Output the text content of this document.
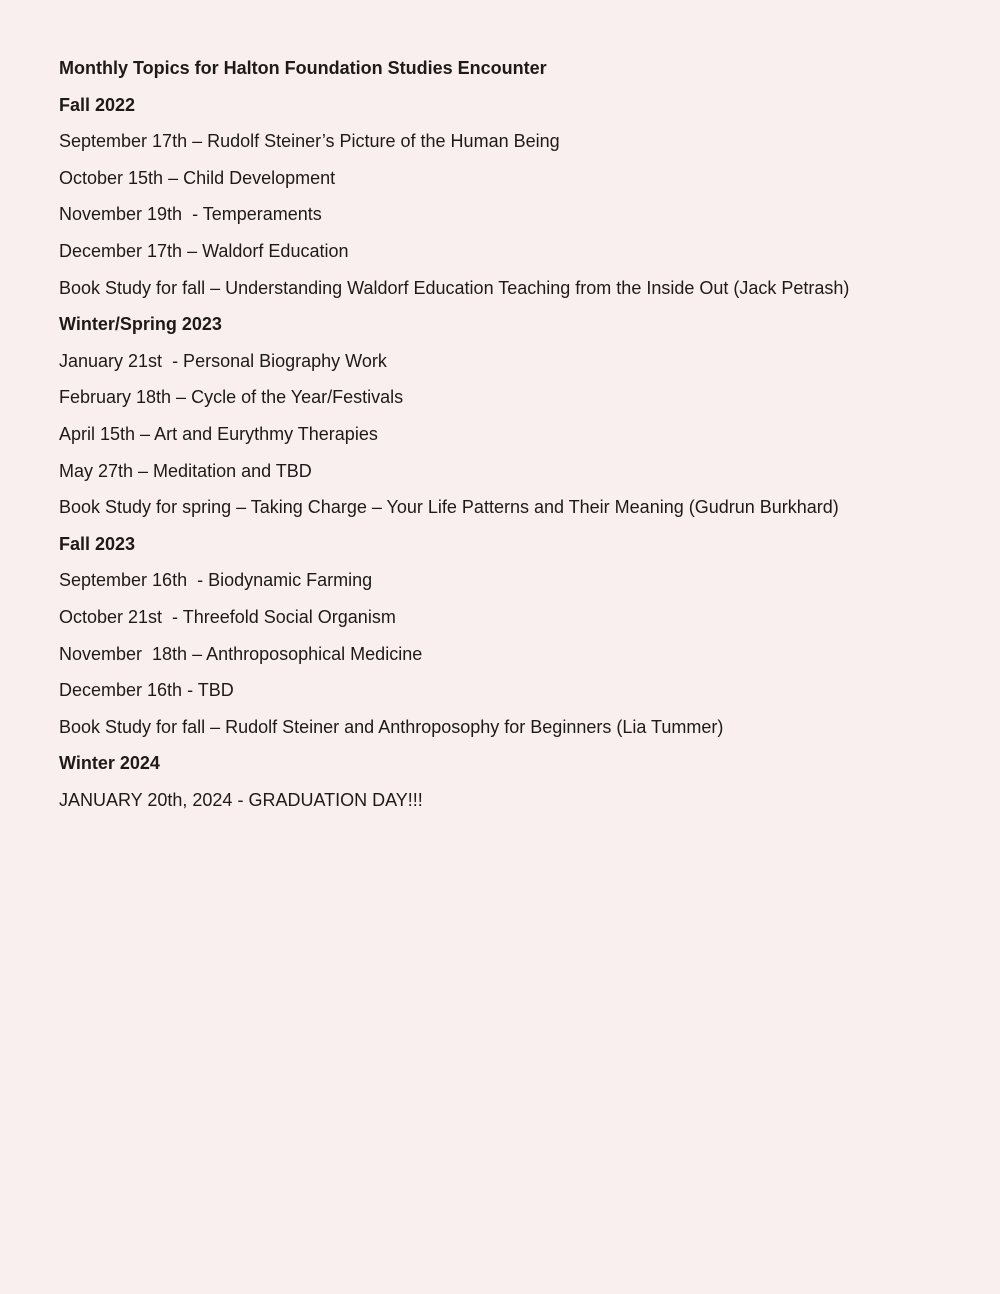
Monthly Topics for Halton Foundation Studies Encounter
Fall 2022
September 17th – Rudolf Steiner’s Picture of the Human Being
October 15th – Child Development
November 19th  - Temperaments
December 17th – Waldorf Education
Book Study for fall – Understanding Waldorf Education Teaching from the Inside Out (Jack Petrash)
Winter/Spring 2023
January 21st  - Personal Biography Work
February 18th – Cycle of the Year/Festivals
April 15th – Art and Eurythmy Therapies
May 27th – Meditation and TBD
Book Study for spring – Taking Charge – Your Life Patterns and Their Meaning (Gudrun Burkhard)
Fall 2023
September 16th  - Biodynamic Farming
October 21st  - Threefold Social Organism
November  18th – Anthroposophical Medicine
December 16th - TBD
Book Study for fall – Rudolf Steiner and Anthroposophy for Beginners (Lia Tummer)
Winter 2024
JANUARY 20th, 2024 - GRADUATION DAY!!!
